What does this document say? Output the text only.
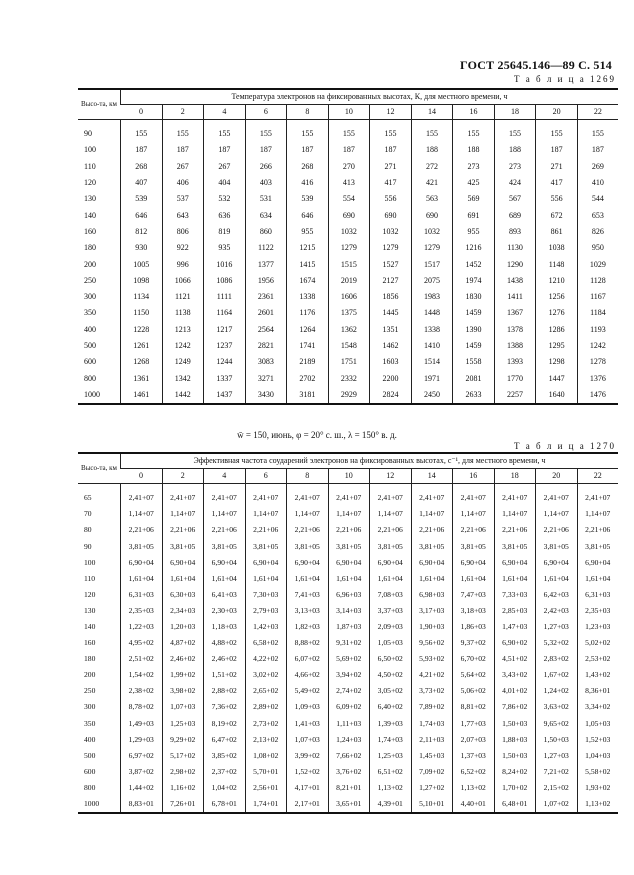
ГОСТ 25645.146—89 С. 514
Т а б л и ц а 1269
Высо-та, км	Температура электронов на фиксированных высотах, К, для местного времени, ч											
	0	2	4	6	8	10	12	14	16	18	20	22
90	155	155	155	155	155	155	155	155	155	155	155	155
100	187	187	187	187	187	187	187	188	188	188	187	187
110	268	267	267	266	268	270	271	272	273	273	271	269
120	407	406	404	403	416	413	417	421	425	424	417	410
130	539	537	532	531	539	554	556	563	569	567	556	544
140	646	643	636	634	646	690	690	690	691	689	672	653
160	812	806	819	860	955	1032	1032	1032	955	893	861	826
180	930	922	935	1122	1215	1279	1279	1279	1216	1130	1038	950
200	1005	996	1016	1377	1415	1515	1527	1517	1452	1290	1148	1029
250	1098	1066	1086	1956	1674	2019	2127	2075	1974	1438	1210	1128
300	1134	1121	1111	2361	1338	1606	1856	1983	1830	1411	1256	1167
350	1150	1138	1164	2601	1176	1375	1445	1448	1459	1367	1276	1184
400	1228	1213	1217	2564	1264	1362	1351	1338	1390	1378	1286	1193
500	1261	1242	1237	2821	1741	1548	1462	1410	1459	1388	1295	1242
600	1268	1249	1244	3083	2189	1751	1603	1514	1558	1393	1298	1278
800	1361	1342	1337	3271	2702	2332	2200	1971	2081	1770	1447	1376
1000	1461	1442	1437	3430	3181	2929	2824	2450	2633	2257	1640	1476
w̄ = 150, июнь, φ = 20° с. ш., λ = 150° в. д.
Т а б л и ц а 1270
Высо-та, км	Эффективная частота соударений электронов на фиксированных высотах, с⁻¹, для местного времени, ч											
	0	2	4	6	8	10	12	14	16	18	20	22
65	2,41+07	2,41+07	2,41+07	2,41+07	2,41+07	2,41+07	2,41+07	2,41+07	2,41+07	2,41+07	2,41+07	2,41+07
70	1,14+07	1,14+07	1,14+07	1,14+07	1,14+07	1,14+07	1,14+07	1,14+07	1,14+07	1,14+07	1,14+07	1,14+07
80	2,21+06	2,21+06	2,21+06	2,21+06	2,21+06	2,21+06	2,21+06	2,21+06	2,21+06	2,21+06	2,21+06	2,21+06
90	3,81+05	3,81+05	3,81+05	3,81+05	3,81+05	3,81+05	3,81+05	3,81+05	3,81+05	3,81+05	3,81+05	3,81+05
100	6,90+04	6,90+04	6,90+04	6,90+04	6,90+04	6,90+04	6,90+04	6,90+04	6,90+04	6,90+04	6,90+04	6,90+04
110	1,61+04	1,61+04	1,61+04	1,61+04	1,61+04	1,61+04	1,61+04	1,61+04	1,61+04	1,61+04	1,61+04	1,61+04
120	6,31+03	6,30+03	6,41+03	7,30+03	7,41+03	6,96+03	7,08+03	6,98+03	7,47+03	7,33+03	6,42+03	6,31+03
130	2,35+03	2,34+03	2,30+03	2,79+03	3,13+03	3,14+03	3,37+03	3,17+03	3,18+03	2,85+03	2,42+03	2,35+03
140	1,22+03	1,20+03	1,18+03	1,42+03	1,82+03	1,87+03	2,09+03	1,90+03	1,86+03	1,47+03	1,27+03	1,23+03
160	4,95+02	4,87+02	4,88+02	6,58+02	8,88+02	9,31+02	1,05+03	9,56+02	9,37+02	6,90+02	5,32+02	5,02+02
180	2,51+02	2,46+02	2,46+02	4,22+02	6,07+02	5,69+02	6,50+02	5,93+02	6,70+02	4,51+02	2,83+02	2,53+02
200	1,54+02	1,99+02	1,51+02	3,02+02	4,66+02	3,94+02	4,50+02	4,21+02	5,64+02	3,43+02	1,67+02	1,43+02
250	2,38+02	3,98+02	2,88+02	2,65+02	5,49+02	2,74+02	3,05+02	3,73+02	5,06+02	4,01+02	1,24+02	8,36+01
300	8,78+02	1,07+03	7,36+02	2,89+02	1,09+03	6,09+02	6,40+02	7,89+02	8,81+02	7,86+02	3,63+02	3,34+02
350	1,49+03	1,25+03	8,19+02	2,73+02	1,41+03	1,11+03	1,39+03	1,74+03	1,77+03	1,50+03	9,65+02	1,05+03
400	1,29+03	9,29+02	6,47+02	2,13+02	1,07+03	1,24+03	1,74+03	2,11+03	2,07+03	1,88+03	1,50+03	1,52+03
500	6,97+02	5,17+02	3,85+02	1,08+02	3,99+02	7,66+02	1,25+03	1,45+03	1,37+03	1,50+03	1,27+03	1,04+03
600	3,87+02	2,98+02	2,37+02	5,70+01	1,52+02	3,76+02	6,51+02	7,09+02	6,52+02	8,24+02	7,21+02	5,58+02
800	1,44+02	1,16+02	1,04+02	2,56+01	4,17+01	8,21+01	1,13+02	1,27+02	1,13+02	1,70+02	2,15+02	1,93+02
1000	8,83+01	7,26+01	6,78+01	1,74+01	2,17+01	3,65+01	4,39+01	5,10+01	4,40+01	6,48+01	1,07+02	1,13+02
